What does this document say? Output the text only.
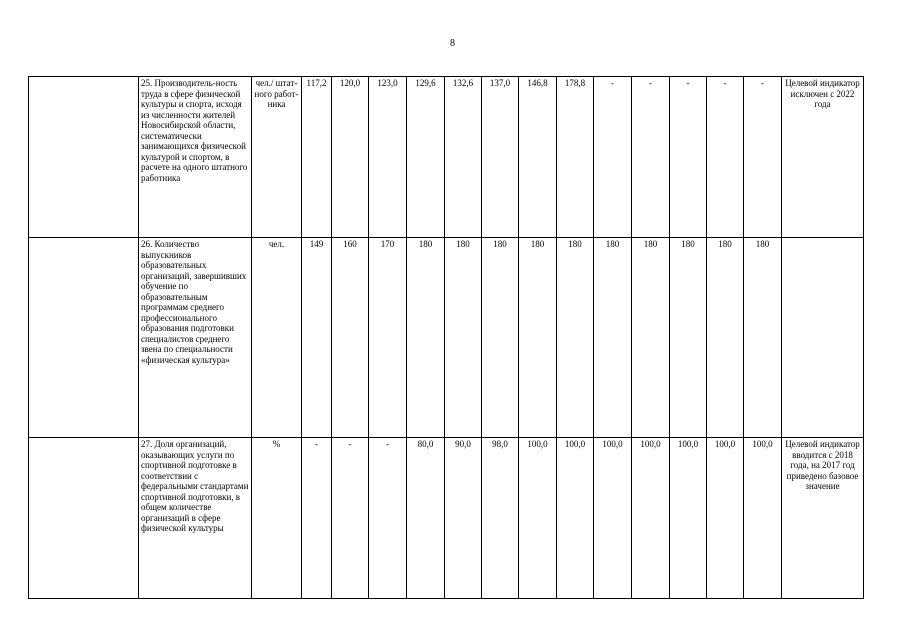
8
	25. Производитель-ность труда в сфере физической культуры и спорта, исходя из численности жителей Новосибирской области, систематически занимающихся физической культурой и спортом, в расчете на одного штатного работника	чел./ штат-ного работ-ника	117,2	120,0	123,0	129,6	132,6	137,0	146,8	178,8	-	-	-	-	-	Целевой индикатор исключен с 2022 года
	26. Количество выпускников образовательных организаций, завершивших обучение по образовательным программам среднего профессионального образования подготовки специалистов среднего звена по специальности «физическая культура»	чел.	149	160	170	180	180	180	180	180	180	180	180	180	180	
	27. Доля организаций, оказывающих услуги по спортивной подготовке в соответствии с федеральными стандартами спортивной подготовки, в общем количестве организаций в сфере физической культуры	%	-	-	-	80,0	90,0	98,0	100,0	100,0	100,0	100,0	100,0	100,0	100,0	Целевой индикатор вводится с 2018 года, на 2017 год приведено базовое значение
